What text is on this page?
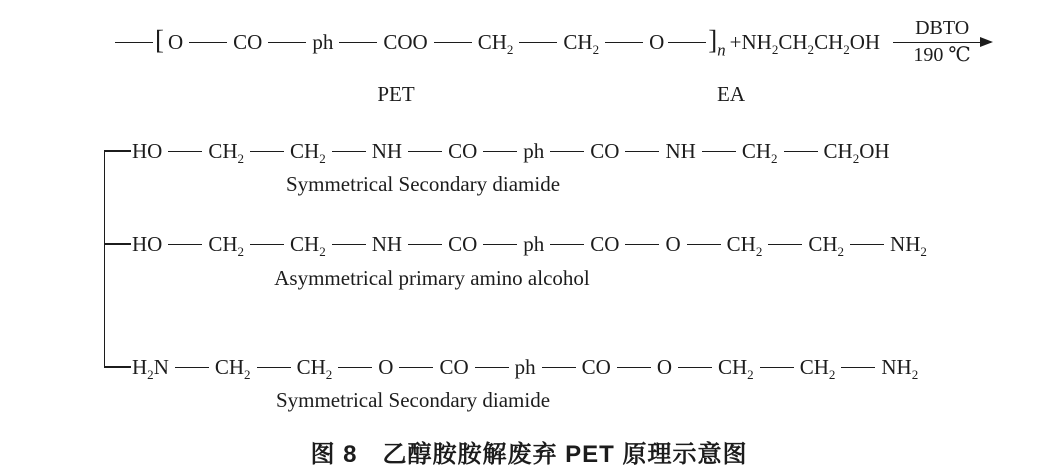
[ O CO ph COO $CH_2$ $CH_2$ O ]$_n +NH_2CH_2CH_2OH$
DBTO
190 ℃
PET	EA
HO $CH_2$ $CH_2$ NH CO ph CO NH $CH_2$ $CH_2OH$
Symmetrical Secondary diamide
HO $CH_2$ $CH_2$ NH CO ph CO O $CH_2$ $CH_2$ $NH_2$
Asymmetrical primary amino alcohol
$H_2N$ $CH_2$ $CH_2$ O CO ph CO O $CH_2$ $CH_2$ $NH_2$
Symmetrical Secondary diamide
图 8　乙醇胺胺解废弃 PET 原理示意图
